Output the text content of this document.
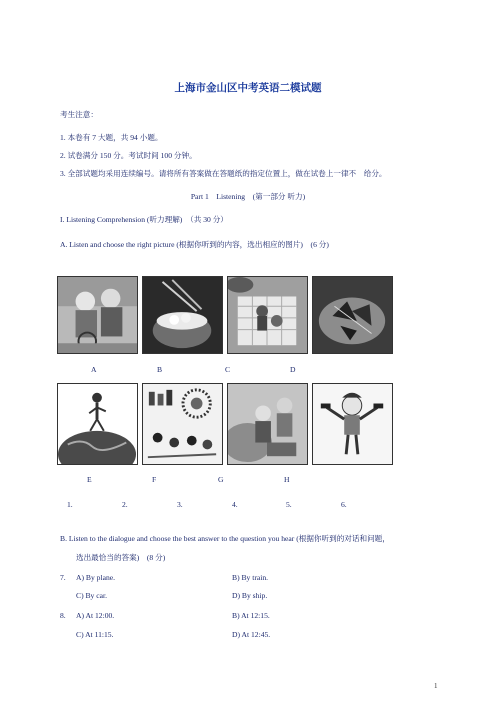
上海市金山区中考英语二模试题
考生注意：
1. 本卷有 7 大题，共 94 小题。
2. 试卷满分 150 分。考试时间 100 分钟。
3. 全部试题均采用连续编号。请将所有答案做在答题纸的指定位置上，做在试卷上一律不　给分。
Part 1　Listening　(第一部分 听力)
I. Listening Comprehension (听力理解)　（共 30 分）
A. Listen and choose the right picture (根据你听到的内容，选出相应的图片)　(6 分)
A	B	C	D
E	F	G	H
1.	2.	3.	4.	5.	6.
B. Listen to the dialogue and choose the best answer to the question you hear (根据你听到的对话和问题，
选出最恰当的答案)　(8 分)
7. A) By plane.	B) By train.
C) By car.	D) By ship.
8. A) At 12:00.	B) At 12:15.
C) At 11:15.	D) At 12:45.
1
